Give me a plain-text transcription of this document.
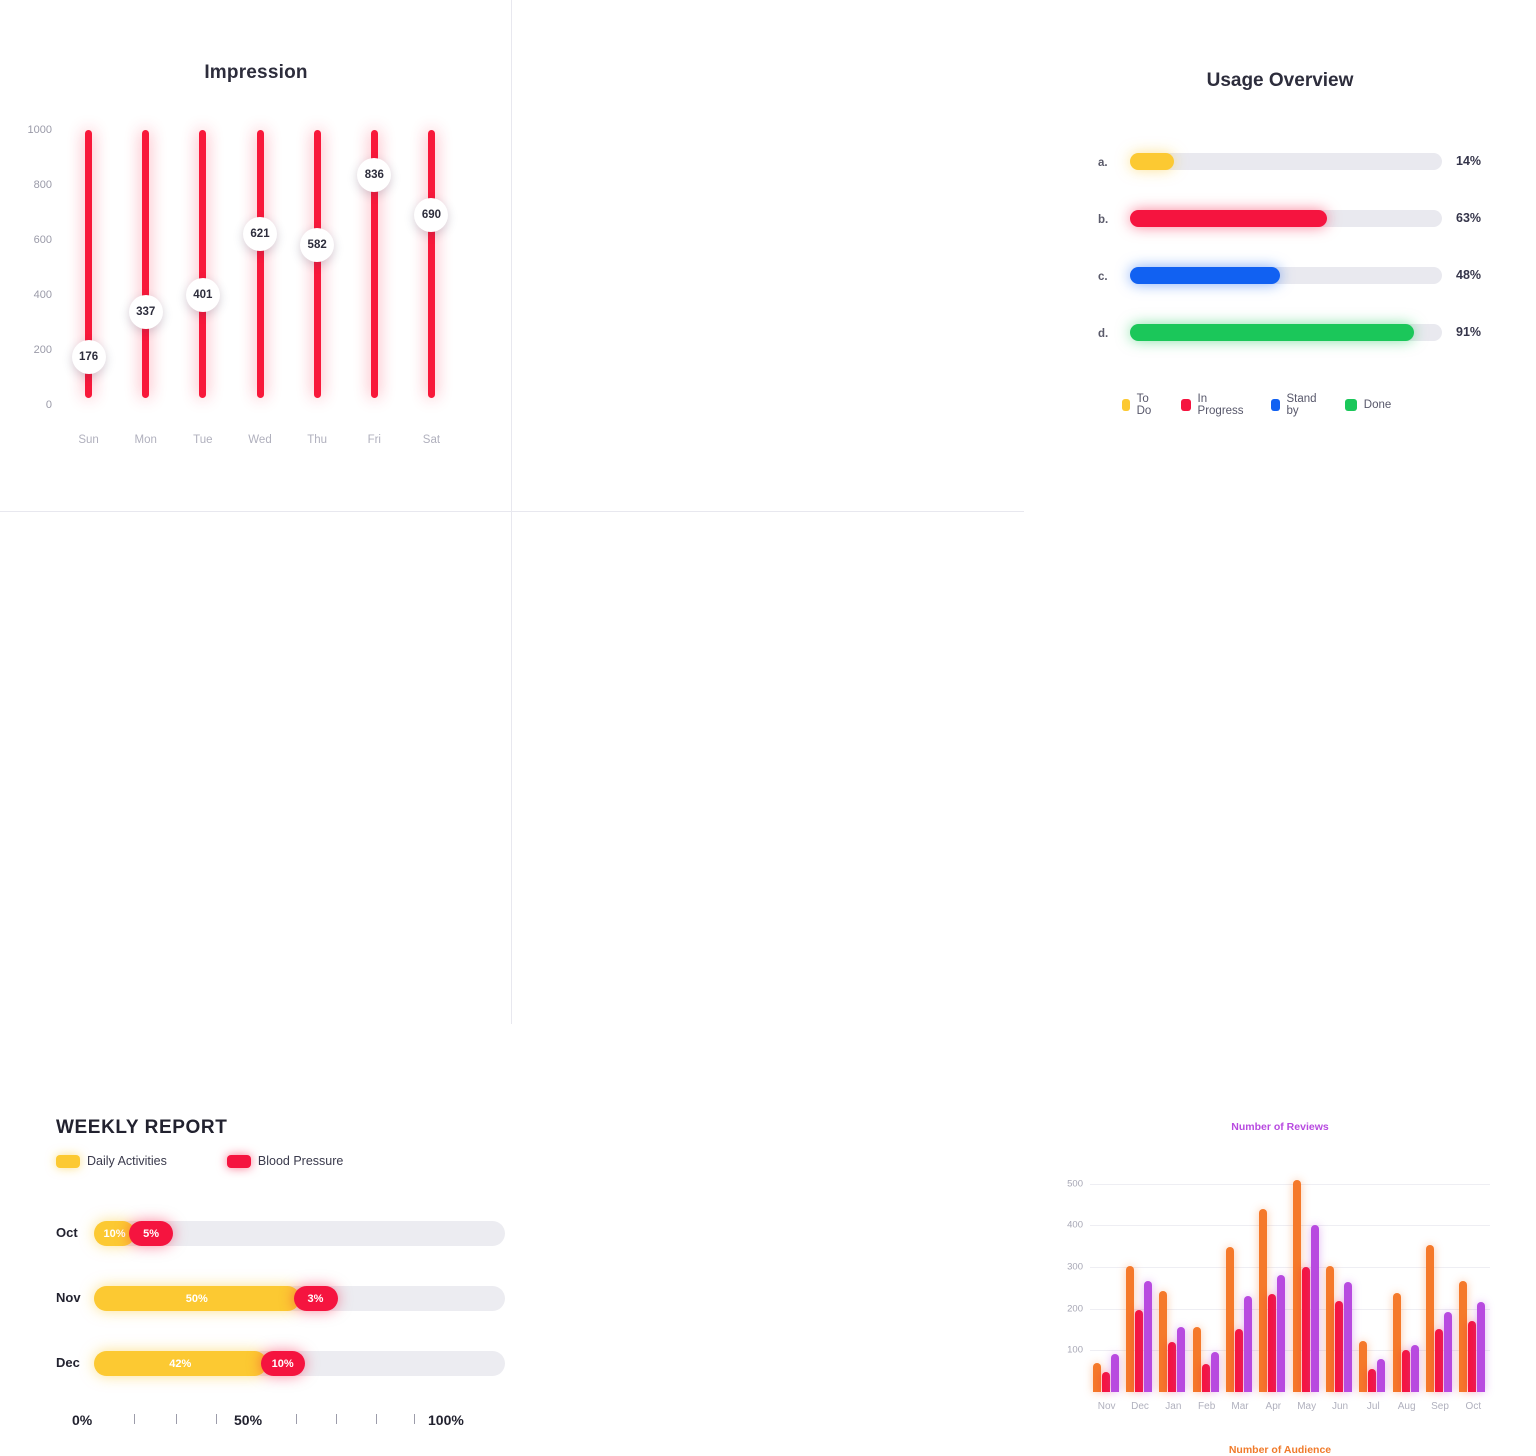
Impression
0
200
400
600
800
1000
176
337
401
621
582
836
690
Sun	Mon	Tue	Wed	Thu	Fri	Sat
Usage Overview
a.	14%
b.	63%
c.	48%
d.	91%
To Do
In Progress
Stand by	Done
WEEKLY REPORT
Daily Activities	Blood Pressure
Oct	10%	5%
Nov	50%	3%
Dec	42%	10%
0%	50%	100%
Number of Reviews
100
200
300
400
500
Number of Audience
Nov Dec Jan Feb Mar Apr May Jun Jul Aug Sep Oct
